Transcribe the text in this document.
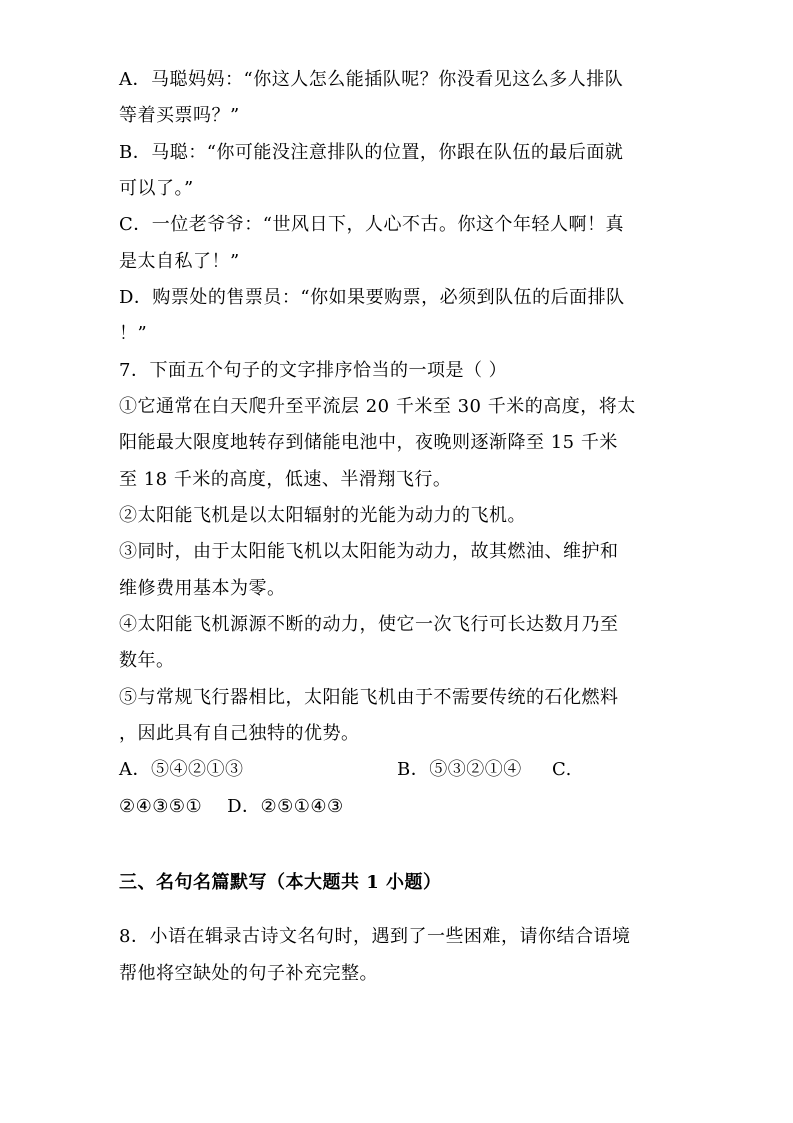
A．马聪妈妈：“你这人怎么能插队呢？你没看见这么多人排队
等着买票吗？”
B．马聪：“你可能没注意排队的位置，你跟在队伍的最后面就
可以了。”
C．一位老爷爷：“世风日下，人心不古。你这个年轻人啊！真
是太自私了！”
D．购票处的售票员：“你如果要购票，必须到队伍的后面排队
！”
7．下面五个句子的文字排序恰当的一项是（ ）
①它通常在白天爬升至平流层 20 千米至 30 千米的高度，将太
阳能最大限度地转存到储能电池中，夜晚则逐渐降至 15 千米
至 18 千米的高度，低速、半滑翔飞行。
②太阳能飞机是以太阳辐射的光能为动力的飞机。
③同时，由于太阳能飞机以太阳能为动力，故其燃油、维护和
维修费用基本为零。
④太阳能飞机源源不断的动力，使它一次飞行可长达数月乃至
数年。
⑤与常规飞行器相比，太阳能飞机由于不需要传统的石化燃料
，因此具有自己独特的优势。
A．⑤④②①③	B．⑤③②①④ C.
②④③⑤①    D．②⑤①④③
三、名句名篇默写（本大题共 1 小题）
8．小语在辑录古诗文名句时，遇到了一些困难，请你结合语境
帮他将空缺处的句子补充完整。
